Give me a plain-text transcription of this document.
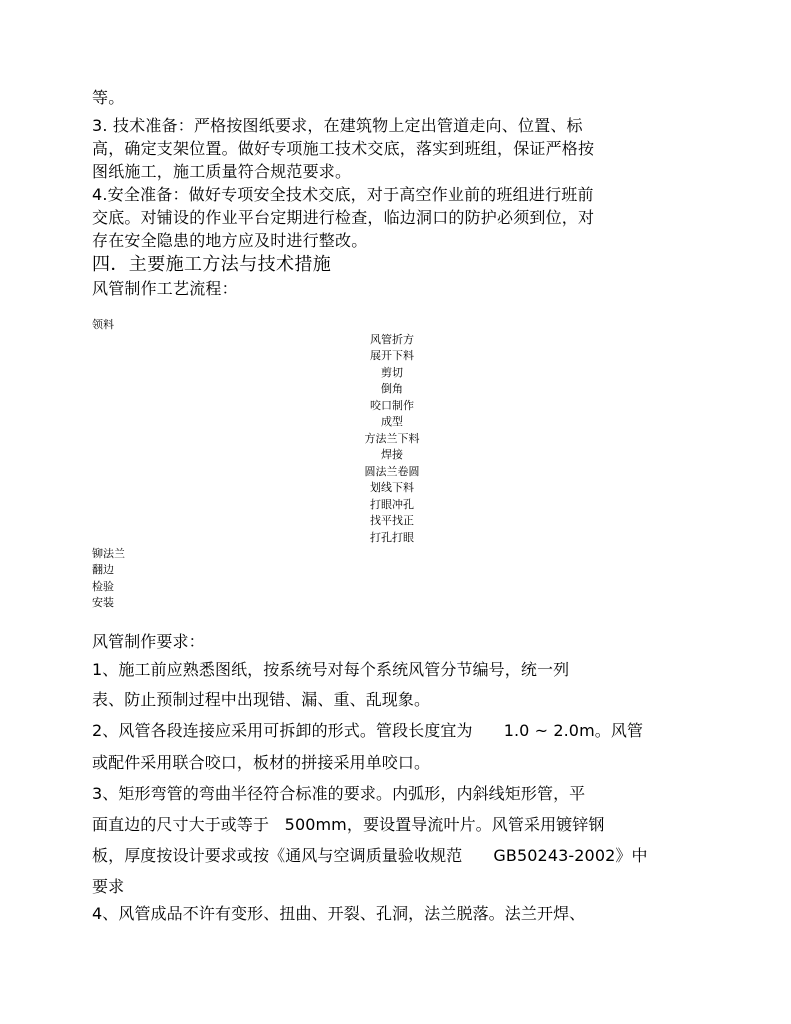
等。
3. 技术准备：严格按图纸要求，在建筑物上定出管道走向、位置、标
高，确定支架位置。做好专项施工技术交底，落实到班组，保证严格按
图纸施工，施工质量符合规范要求。
4.安全准备：做好专项安全技术交底，对于高空作业前的班组进行班前
交底。对铺设的作业平台定期进行检查，临边洞口的防护必须到位，对
存在安全隐患的地方应及时进行整改。
四．主要施工方法与技术措施
风管制作工艺流程：
领料
风管折方
展开下料
剪切
倒角
咬口制作
成型
方法兰下料
焊接
圆法兰卷圆
划线下料
打眼冲孔
找平找正
打孔打眼
铆法兰
翻边
检验
安装
风管制作要求：
1、施工前应熟悉图纸，按系统号对每个系统风管分节编号，统一列
表、防止预制过程中出现错、漏、重、乱现象。
2、风管各段连接应采用可拆卸的形式。管段长度宜为      1.0 ~ 2.0m。风管
或配件采用联合咬口，板材的拼接采用单咬口。
3、矩形弯管的弯曲半径符合标准的要求。内弧形，内斜线矩形管，平
面直边的尺寸大于或等于   500mm，要设置导流叶片。风管采用镀锌钢
板，厚度按设计要求或按《通风与空调质量验收规范      GB50243-2002》中
要求
4、风管成品不许有变形、扭曲、开裂、孔洞，法兰脱落。法兰开焊、
